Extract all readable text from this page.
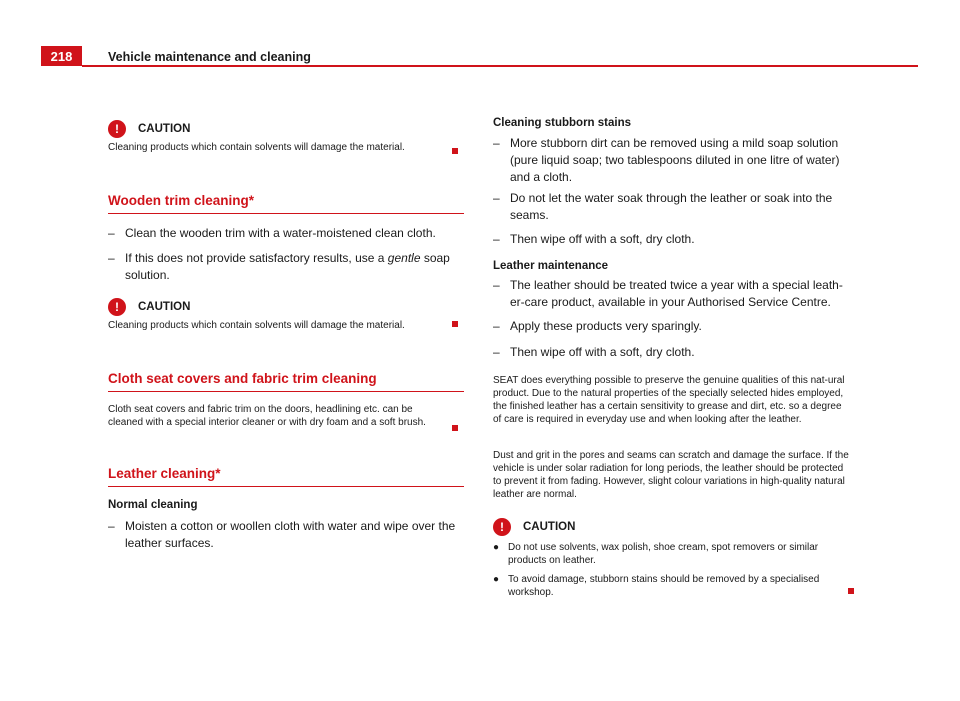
218	Vehicle maintenance and cleaning
!	CAUTION
Cleaning products which contain solvents will damage the material.
Wooden trim cleaning*
– Clean the wooden trim with a water-moistened clean cloth.
– If this does not provide satisfactory results, use a gentle soap solution.
!	CAUTION
Cleaning products which contain solvents will damage the material.
Cloth seat covers and fabric trim cleaning
Cloth seat covers and fabric trim on the doors, headlining etc. can be cleaned with a special interior cleaner or with dry foam and a soft brush.
Leather cleaning*
Normal cleaning
– Moisten a cotton or woollen cloth with water and wipe over the leather surfaces.
Cleaning stubborn stains
– More stubborn dirt can be removed using a mild soap solution (pure liquid soap; two tablespoons diluted in one litre of water) and a cloth.
– Do not let the water soak through the leather or soak into the seams.
– Then wipe off with a soft, dry cloth.
Leather maintenance
– The leather should be treated twice a year with a special leath-er-care product, available in your Authorised Service Centre.
– Apply these products very sparingly.
– Then wipe off with a soft, dry cloth.
SEAT does everything possible to preserve the genuine qualities of this nat-ural product. Due to the natural properties of the specially selected hides employed, the finished leather has a certain sensitivity to grease and dirt, etc. so a degree of care is required in everyday use and when looking after the leather.
Dust and grit in the pores and seams can scratch and damage the surface. If the vehicle is under solar radiation for long periods, the leather should be protected to prevent it from fading. However, slight colour variations in high-quality natural leather are normal.
!	CAUTION
● Do not use solvents, wax polish, shoe cream, spot removers or similar products on leather.
● To avoid damage, stubborn stains should be removed by a specialised workshop.
